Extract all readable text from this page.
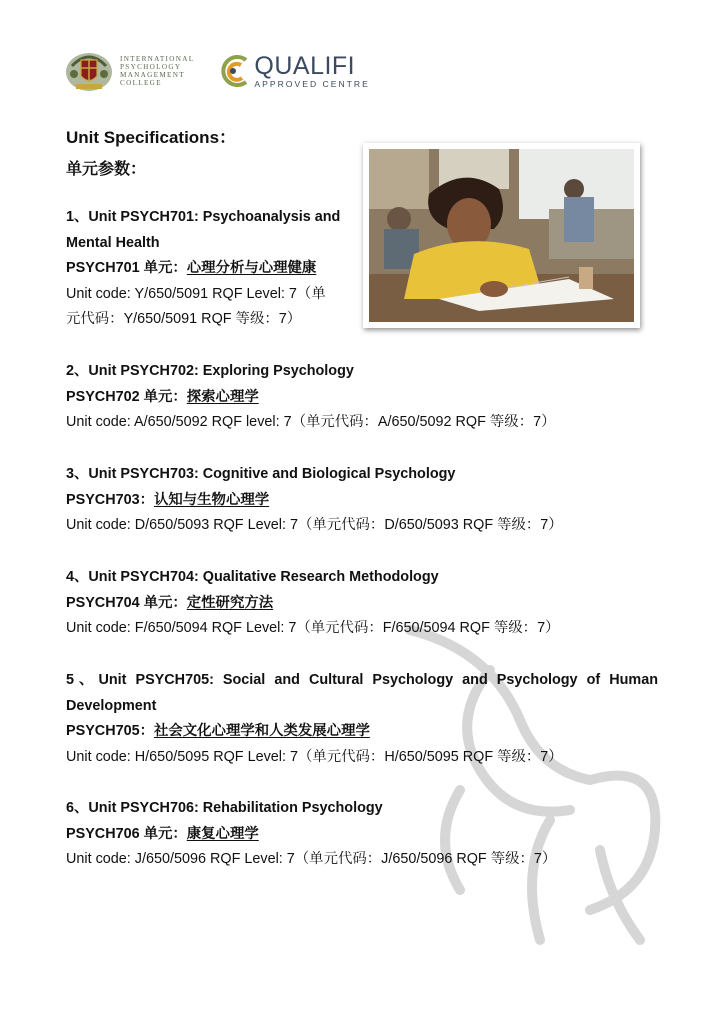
INTERNATIONAL
PSYCHOLOGY
MANAGEMENT
COLLEGE
QUALIFI
APPROVED CENTRE
Unit Specifications：
单元参数：
1、Unit PSYCH701: Psychoanalysis and
Mental Health
PSYCH701 单元：心理分析与心理健康
Unit code: Y/650/5091 RQF Level: 7（单
元代码：Y/650/5091 RQF 等级：7）
2、Unit PSYCH702: Exploring Psychology
PSYCH702 单元：探索心理学
Unit code: A/650/5092 RQF level: 7（单元代码：A/650/5092 RQF 等级：7）
3、Unit PSYCH703: Cognitive and Biological Psychology
PSYCH703：认知与生物心理学
Unit code: D/650/5093 RQF Level: 7（单元代码：D/650/5093 RQF 等级：7）
4、Unit PSYCH704: Qualitative Research Methodology
PSYCH704 单元：定性研究方法
Unit code: F/650/5094 RQF Level: 7（单元代码：F/650/5094 RQF 等级：7）
5、Unit PSYCH705: Social and Cultural Psychology and Psychology of Human
Development
PSYCH705：社会文化心理学和人类发展心理学
Unit code: H/650/5095 RQF Level: 7（单元代码：H/650/5095 RQF 等级：7）
6、Unit PSYCH706: Rehabilitation Psychology
PSYCH706 单元：康复心理学
Unit code: J/650/5096 RQF Level: 7（单元代码：J/650/5096 RQF 等级：7）
